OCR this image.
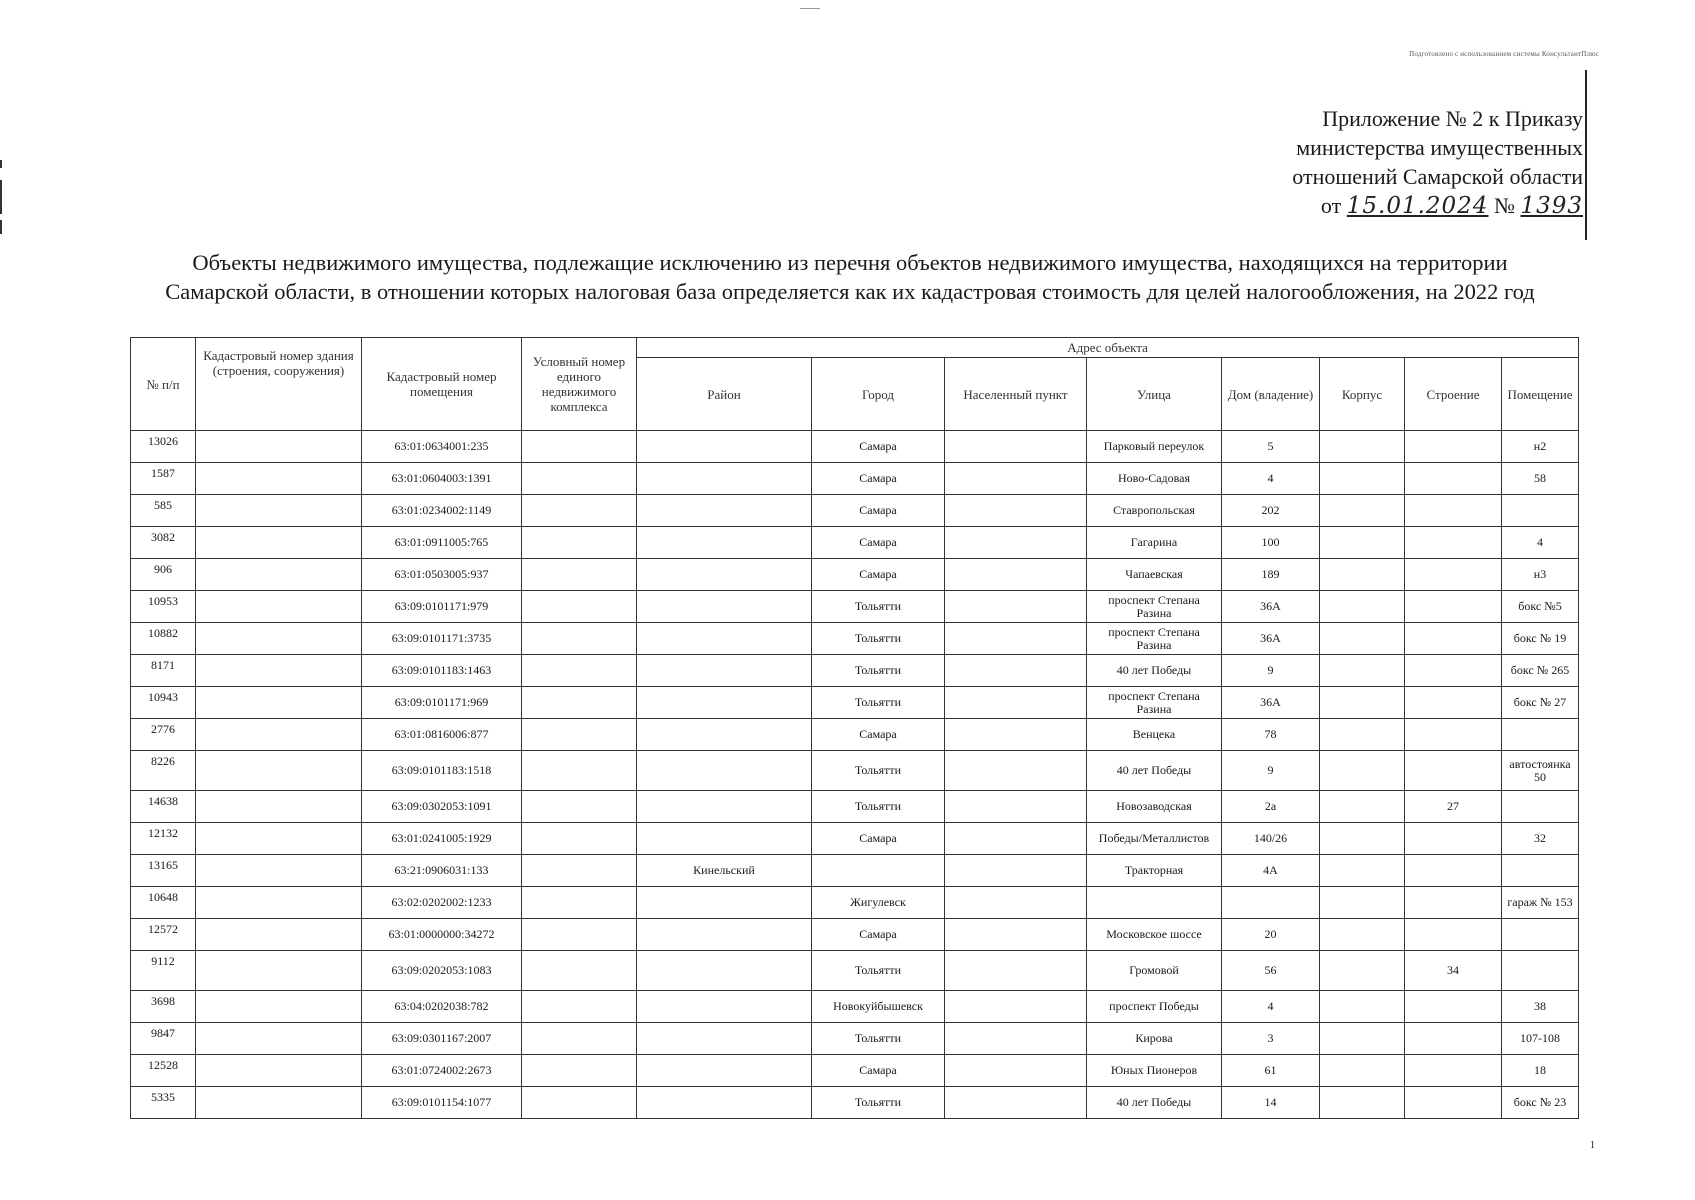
Подготовлено с использованием системы КонсультантПлюс
Приложение № 2 к Приказу
министерства имущественных
отношений Самарской области
от 15.01.2024 № 1393
Объекты недвижимого имущества, подлежащие исключению из перечня объектов недвижимого имущества, находящихся на территории Самарской области, в отношении которых налоговая база определяется как их кадастровая стоимость для целей налогообложения, на 2022 год
№ п/п	Кадастровый номер здания (строения, сооружения)	Кадастровый номер помещения	Условный номер единого недвижимого комплекса	Адрес объекта							
				Район	Город	Населенный пункт	Улица	Дом (владение)	Корпус	Строение	Помещение
13026		63:01:0634001:235			Самара		Парковый переулок	5			н2
1587		63:01:0604003:1391			Самара		Ново-Садовая	4			58
585		63:01:0234002:1149			Самара		Ставропольская	202			
3082		63:01:0911005:765			Самара		Гагарина	100			4
906		63:01:0503005:937			Самара		Чапаевская	189			н3
10953		63:09:0101171:979			Тольятти		проспект Степана Разина	36А			бокс №5
10882		63:09:0101171:3735			Тольятти		проспект Степана Разина	36А			бокс № 19
8171		63:09:0101183:1463			Тольятти		40 лет Победы	9			бокс № 265
10943		63:09:0101171:969			Тольятти		проспект Степана Разина	36А			бокс № 27
2776		63:01:0816006:877			Самара		Венцека	78			
8226		63:09:0101183:1518			Тольятти		40 лет Победы	9			автостоянка 50
14638		63:09:0302053:1091			Тольятти		Новозаводская	2а		27	
12132		63:01:0241005:1929			Самара		Победы/Металлистов	140/26			32
13165		63:21:0906031:133		Кинельский			Тракторная	4А			
10648		63:02:0202002:1233			Жигулевск						гараж № 153
12572		63:01:0000000:34272			Самара		Московское шоссе	20			
9112		63:09:0202053:1083			Тольятти		Громовой	56		34	
3698		63:04:0202038:782			Новокуйбышевск		проспект Победы	4			38
9847		63:09:0301167:2007			Тольятти		Кирова	3			107-108
12528		63:01:0724002:2673			Самара		Юных Пионеров	61			18
5335		63:09:0101154:1077			Тольятти		40 лет Победы	14			бокс № 23
1
